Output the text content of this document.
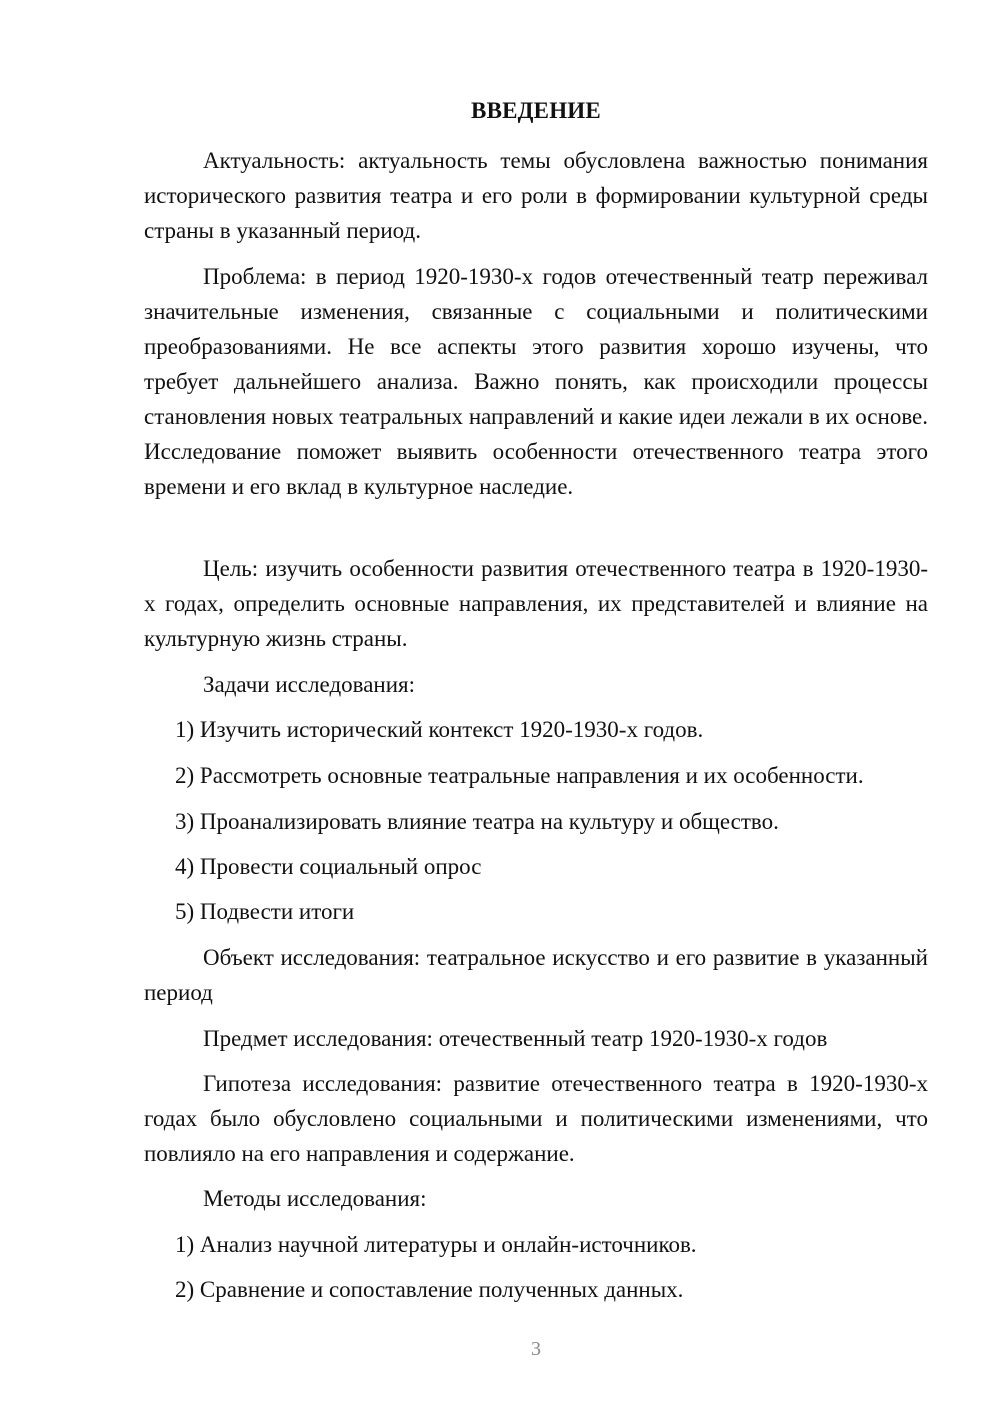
ВВЕДЕНИЕ

Актуальность: актуальность темы обусловлена важностью понимания исторического развития театра и его роли в формировании культурной среды страны в указанный период.

Проблема: в период 1920-1930-х годов отечественный театр переживал значительные изменения, связанные с социальными и политическими преобразованиями. Не все аспекты этого развития хорошо изучены, что требует дальнейшего анализа. Важно понять, как происходили процессы становления новых театральных направлений и какие идеи лежали в их основе. Исследование поможет выявить особенности отечественного театра этого времени и его вклад в культурное наследие.

Цель: изучить особенности развития отечественного театра в 1920-1930-х годах, определить основные направления, их представителей и влияние на культурную жизнь страны.

Задачи исследования:

1) Изучить исторический контекст 1920-1930-х годов.

2) Рассмотреть основные театральные направления и их особенности.

3) Проанализировать влияние театра на культуру и общество.

4) Провести социальный опрос

5) Подвести итоги

Объект исследования: театральное искусство и его развитие в указанный период

Предмет исследования: отечественный театр 1920-1930-х годов

Гипотеза исследования: развитие отечественного театра в 1920-1930-х годах было обусловлено социальными и политическими изменениями, что повлияло на его направления и содержание.

Методы исследования:

1) Анализ научной литературы и онлайн-источников.

2) Сравнение и сопоставление полученных данных.

3
